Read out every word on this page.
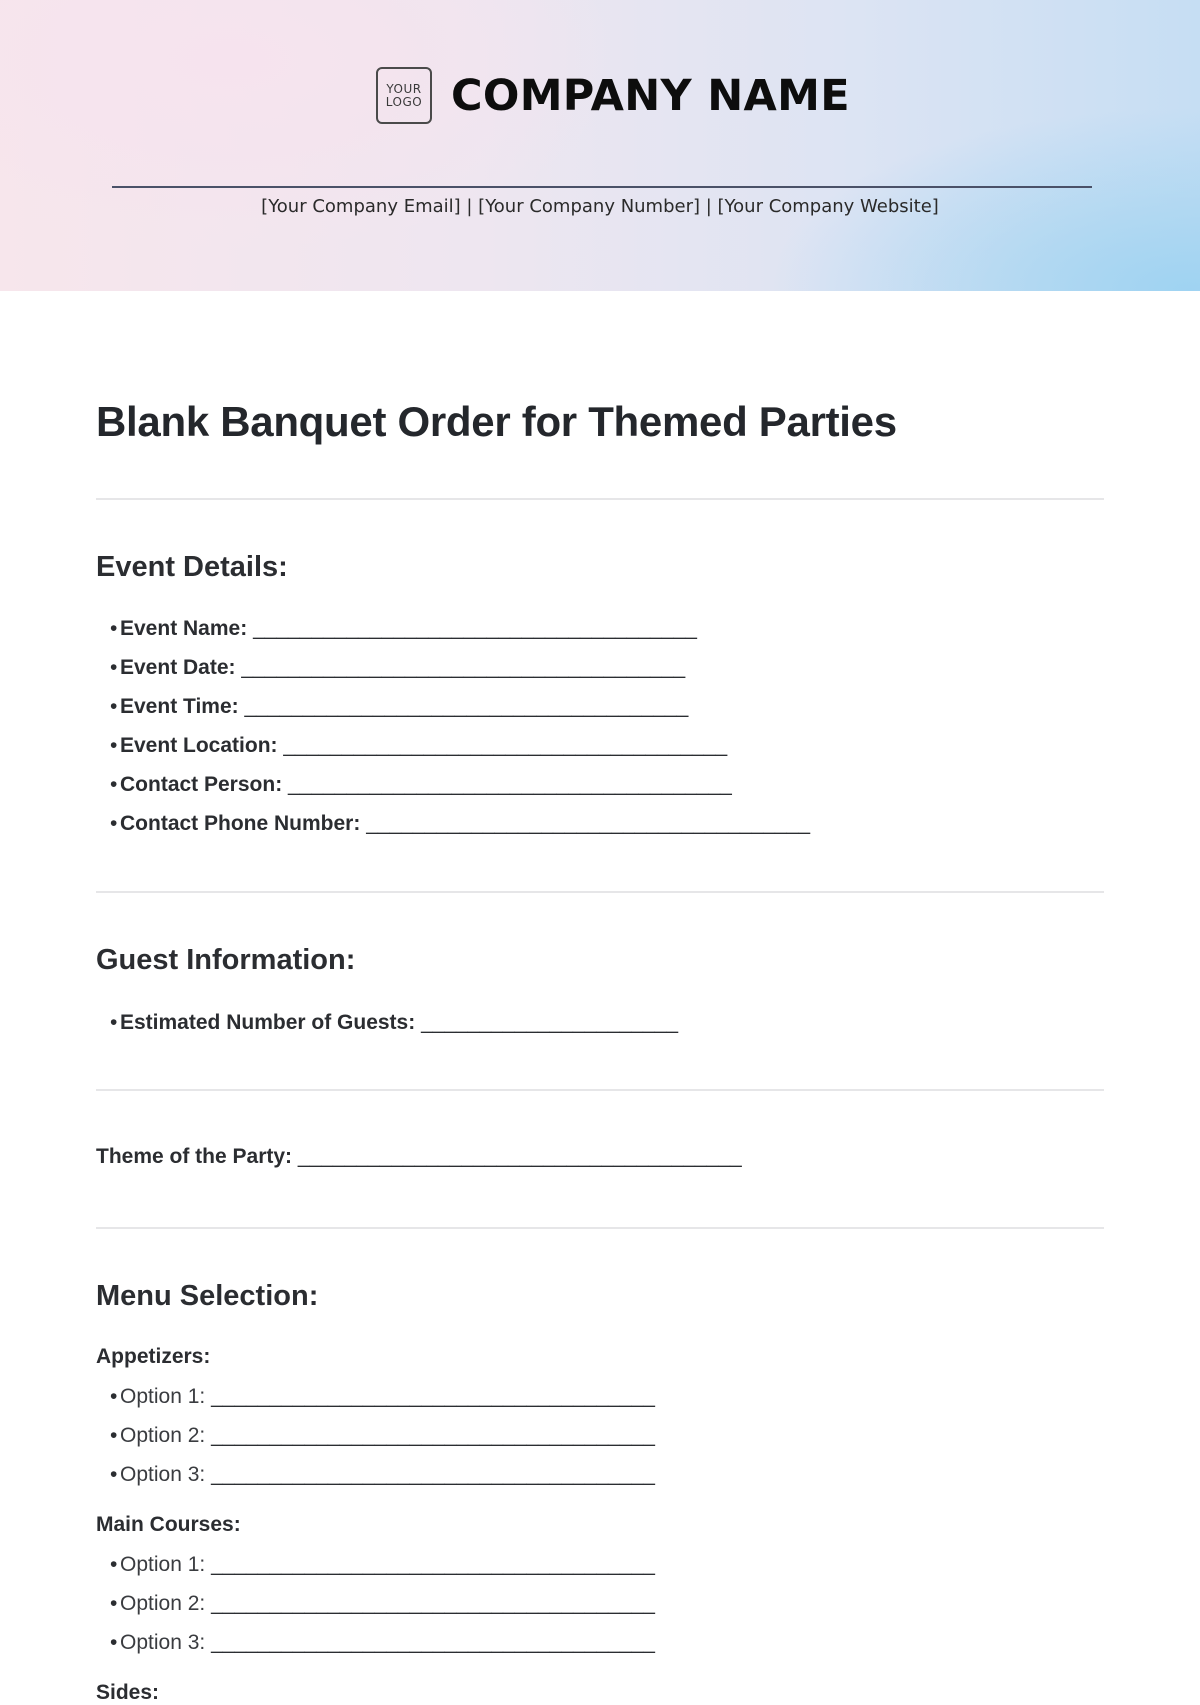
YOUR
LOGO COMPANY NAME
[Your Company Email] | [Your Company Number] | [Your Company Website]
Blank Banquet Order for Themed Parties
Event Details:
• Event Name: ______________________________________
• Event Date: ______________________________________
• Event Time: ______________________________________
• Event Location: ______________________________________
• Contact Person: ______________________________________
• Contact Phone Number: ______________________________________
Guest Information:
• Estimated Number of Guests: ______________________
Theme of the Party: ______________________________________
Menu Selection:
Appetizers:
• Option 1: ______________________________________
• Option 2: ______________________________________
• Option 3: ______________________________________
Main Courses:
• Option 1: ______________________________________
• Option 2: ______________________________________
• Option 3: ______________________________________
Sides:
